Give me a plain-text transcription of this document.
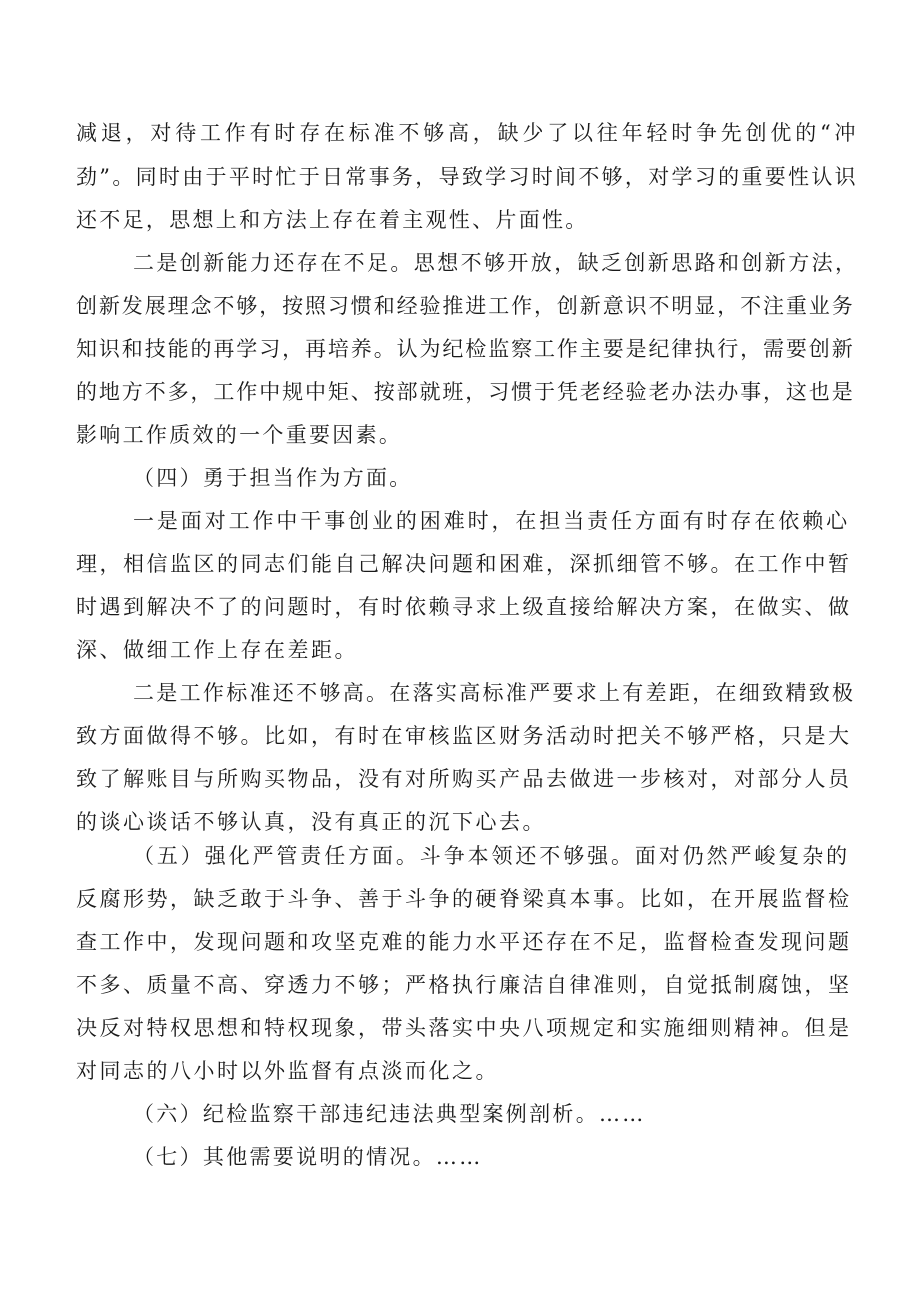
减退，对待工作有时存在标准不够高，缺少了以往年轻时争先创优的“冲

劲”。同时由于平时忙于日常事务，导致学习时间不够，对学习的重要性认识

还不足，思想上和方法上存在着主观性、片面性。

二是创新能力还存在不足。思想不够开放，缺乏创新思路和创新方法，

创新发展理念不够，按照习惯和经验推进工作，创新意识不明显，不注重业务

知识和技能的再学习，再培养。认为纪检监察工作主要是纪律执行，需要创新

的地方不多，工作中规中矩、按部就班，习惯于凭老经验老办法办事，这也是

影响工作质效的一个重要因素。

（四）勇于担当作为方面。

一是面对工作中干事创业的困难时，在担当责任方面有时存在依赖心

理，相信监区的同志们能自己解决问题和困难，深抓细管不够。在工作中暂

时遇到解决不了的问题时，有时依赖寻求上级直接给解决方案，在做实、做

深、做细工作上存在差距。

二是工作标准还不够高。在落实高标准严要求上有差距，在细致精致极

致方面做得不够。比如，有时在审核监区财务活动时把关不够严格，只是大

致了解账目与所购买物品，没有对所购买产品去做进一步核对，对部分人员

的谈心谈话不够认真，没有真正的沉下心去。

（五）强化严管责任方面。斗争本领还不够强。面对仍然严峻复杂的

反腐形势，缺乏敢于斗争、善于斗争的硬脊梁真本事。比如，在开展监督检

查工作中，发现问题和攻坚克难的能力水平还存在不足，监督检查发现问题

不多、质量不高、穿透力不够；严格执行廉洁自律准则，自觉抵制腐蚀，坚

决反对特权思想和特权现象，带头落实中央八项规定和实施细则精神。但是

对同志的八小时以外监督有点淡而化之。

（六）纪检监察干部违纪违法典型案例剖析。……

（七）其他需要说明的情况。……
